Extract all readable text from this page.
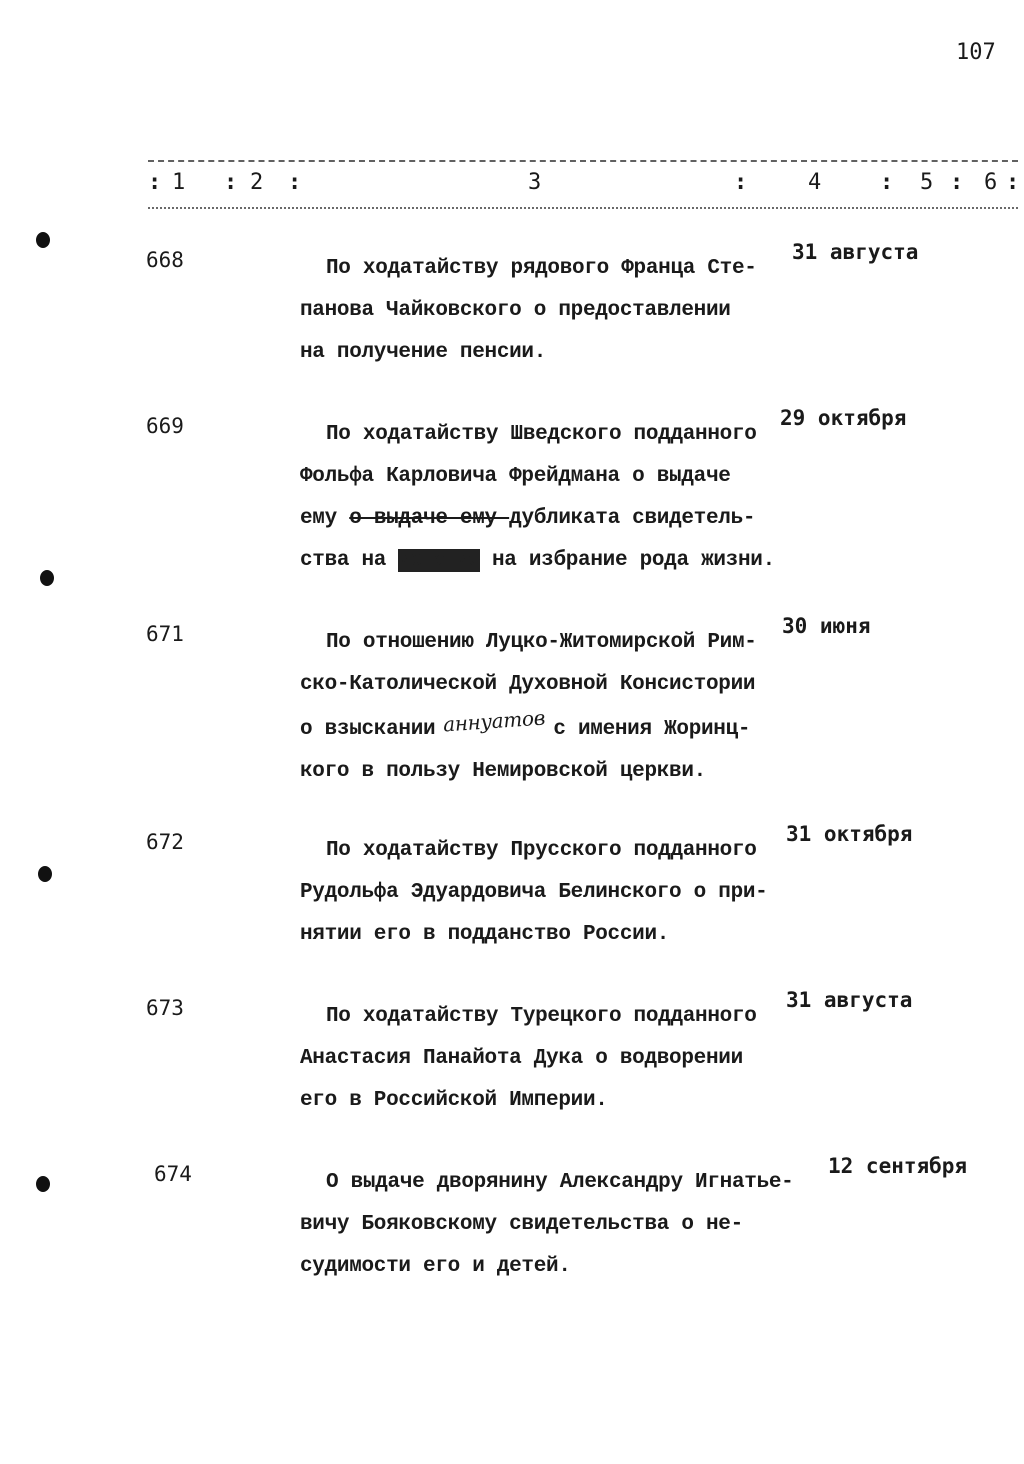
107
: 1 : 2 :	3	:	4	: 5 : 6 :
668	По ходатайству рядового Франца Сте-
панова Чайковского о предоставлении
на получение пенсии.
31 августа
669	По ходатайству Шведского подданного
Фольфа Карловича Фрейдмана о выдаче
ему о выдаче ему дубликата свидетель-
ства на издание на избрание рода жизни.
29 октября
671	По отношению Луцко-Житомирской Рим-
ско-Католической Духовной Консистории
о взыскании аннуатов с имения Жоринц-
кого в пользу Немировской церкви.
30 июня
672	По ходатайству Прусского подданного
Рудольфа Эдуардовича Белинского о при-
нятии его в подданство России.
31 октября
673	По ходатайству Турецкого подданного
Анастасия Панайота Дука о водворении
его в Российской Империи.
31 августа
674	О выдаче дворянину Александру Игнатье-
вичу Бояковскому свидетельства о не-
судимости его и детей.
12 сентября
